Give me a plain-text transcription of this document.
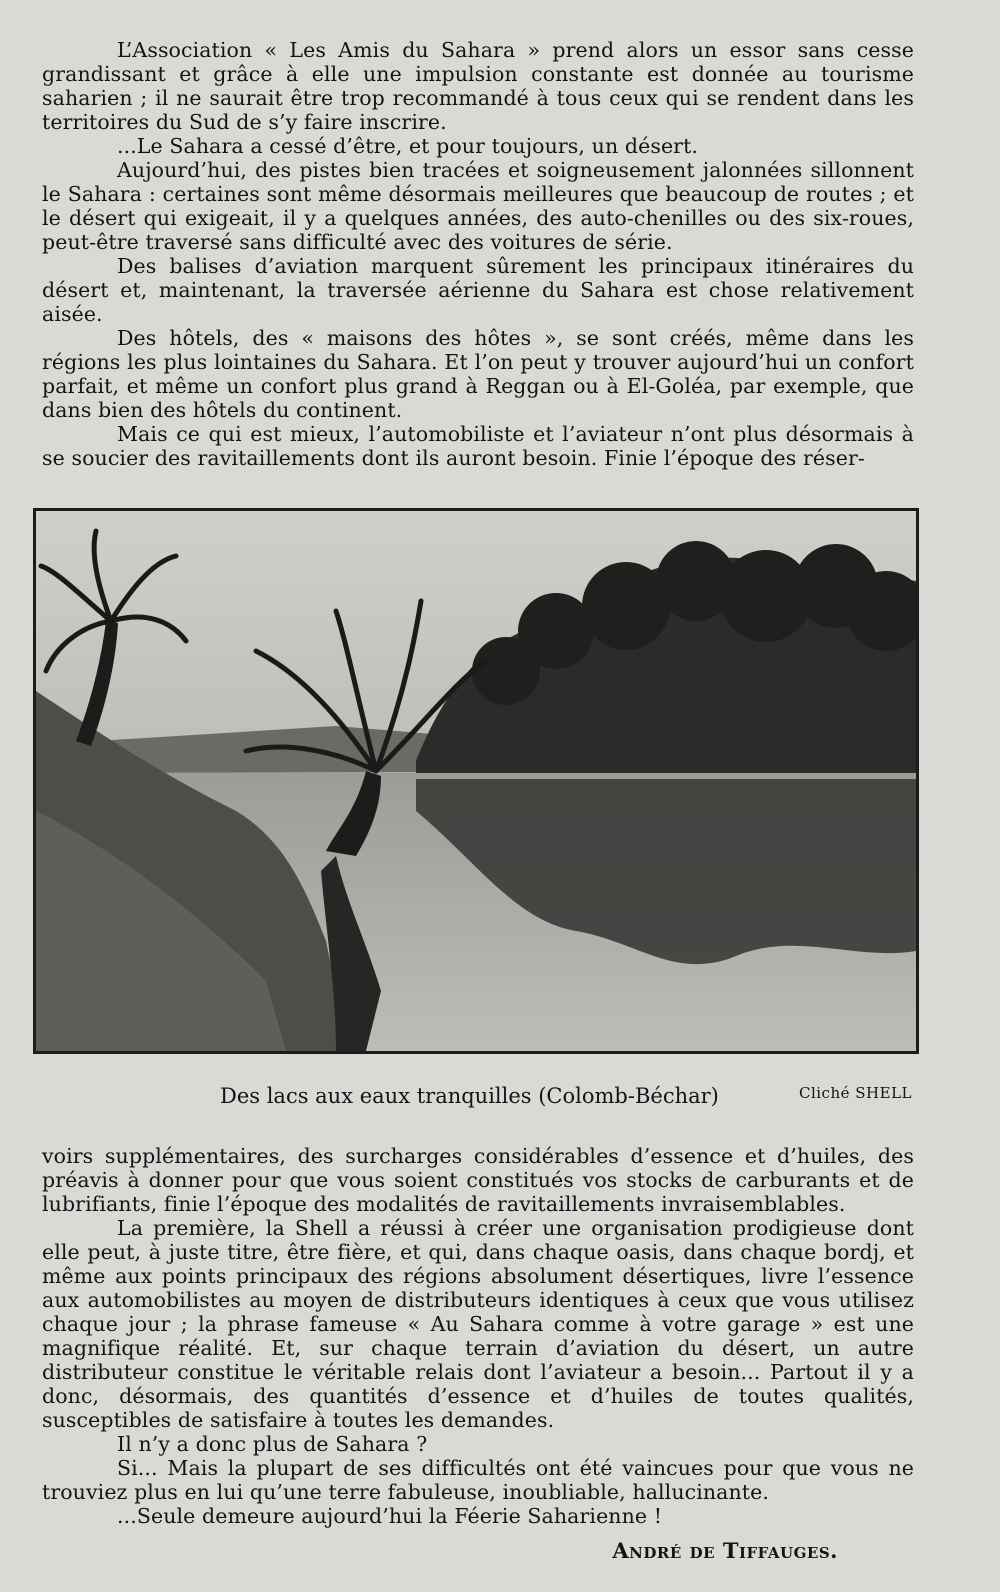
L’Association « Les Amis du Sahara » prend alors un essor sans cesse grandissant et grâce à elle une impulsion constante est donnée au tourisme saharien ; il ne saurait être trop recommandé à tous ceux qui se rendent dans les territoires du Sud de s’y faire inscrire.

...Le Sahara a cessé d’être, et pour toujours, un désert.

Aujourd’hui, des pistes bien tracées et soigneusement jalonnées sillonnent le Sahara : certaines sont même désormais meilleures que beaucoup de routes ; et le désert qui exigeait, il y a quelques années, des auto-chenilles ou des six-roues, peut-être traversé sans difficulté avec des voitures de série.

Des balises d’aviation marquent sûrement les principaux itinéraires du désert et, maintenant, la traversée aérienne du Sahara est chose relativement aisée.

Des hôtels, des « maisons des hôtes », se sont créés, même dans les régions les plus lointaines du Sahara. Et l’on peut y trouver aujourd’hui un confort parfait, et même un confort plus grand à Reggan ou à El-Goléa, par exemple, que dans bien des hôtels du continent.

Mais ce qui est mieux, l’automobiliste et l’aviateur n’ont plus désormais à se soucier des ravitaillements dont ils auront besoin. Finie l’époque des réser-

Des lacs aux eaux tranquilles (Colomb-Béchar)	Cliché SHELL

voirs supplémentaires, des surcharges considérables d’essence et d’huiles, des préavis à donner pour que vous soient constitués vos stocks de carburants et de lubrifiants, finie l’époque des modalités de ravitaillements invraisemblables.

La première, la Shell a réussi à créer une organisation prodigieuse dont elle peut, à juste titre, être fière, et qui, dans chaque oasis, dans chaque bordj, et même aux points principaux des régions absolument désertiques, livre l’essence aux automobilistes au moyen de distributeurs identiques à ceux que vous utilisez chaque jour ; la phrase fameuse « Au Sahara comme à votre garage » est une magnifique réalité. Et, sur chaque terrain d’aviation du désert, un autre distributeur constitue le véritable relais dont l’aviateur a besoin... Partout il y a donc, désormais, des quantités d’essence et d’huiles de toutes qualités, susceptibles de satisfaire à toutes les demandes.

Il n’y a donc plus de Sahara ?

Si... Mais la plupart de ses difficultés ont été vaincues pour que vous ne trouviez plus en lui qu’une terre fabuleuse, inoubliable, hallucinante.

...Seule demeure aujourd’hui la Féerie Saharienne !

André de Tiffauges.
